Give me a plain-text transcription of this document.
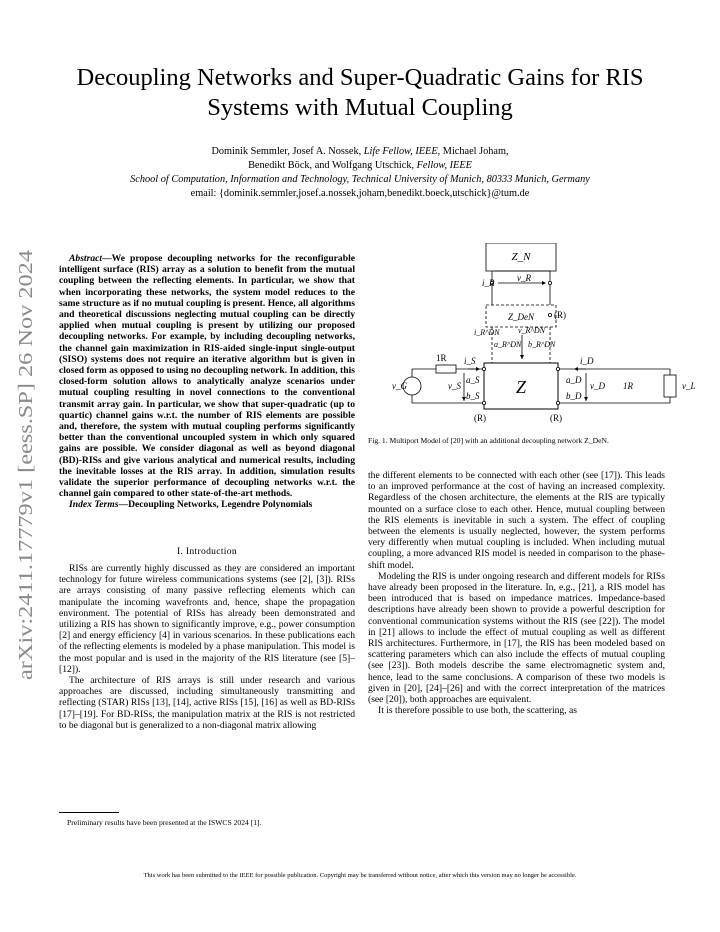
Decoupling Networks and Super-Quadratic Gains for RIS Systems with Mutual Coupling
Dominik Semmler, Josef A. Nossek, Life Fellow, IEEE, Michael Joham,
Benedikt Böck, and Wolfgang Utschick, Fellow, IEEE
School of Computation, Information and Technology, Technical University of Munich, 80333 Munich, Germany
email: {dominik.semmler,josef.a.nossek,joham,benedikt.boeck,utschick}@tum.de
arXiv:2411.17779v1 [eess.SP] 26 Nov 2024
Abstract—We propose decoupling networks for the reconfigurable intelligent surface (RIS) array as a solution to benefit from the mutual coupling between the reflecting elements. In particular, we show that when incorporating these networks, the system model reduces to the same structure as if no mutual coupling is present. Hence, all algorithms and theoretical discussions neglecting mutual coupling can be directly applied when mutual coupling is present by utilizing our proposed decoupling networks. For example, by including decoupling networks, the channel gain maximization in RIS-aided single-input single-output (SISO) systems does not require an iterative algorithm but is given in closed form as opposed to using no decoupling network. In addition, this closed-form solution allows to analytically analyze scenarios under mutual coupling resulting in novel connections to the conventional transmit array gain. In particular, we show that super-quadratic (up to quartic) channel gains w.r.t. the number of RIS elements are possible and, therefore, the system with mutual coupling performs significantly better than the conventional uncoupled system in which only squared gains are possible. We consider diagonal as well as beyond diagonal (BD)-RISs and give various analytical and numerical results, including the inevitable losses at the RIS array. In addition, simulation results validate the superior performance of decoupling networks w.r.t. the channel gain compared to other state-of-the-art methods.
Index Terms—Decoupling Networks, Legendre Polynomials
I. Introduction

RISs are currently highly discussed as they are considered an important technology for future wireless communications systems (see [2], [3]). RISs are arrays consisting of many passive reflecting elements which can manipulate the incoming wavefronts and, hence, shape the propagation environment. The potential of RISs has already been demonstrated and utilizing a RIS has shown to significantly improve, e.g., power consumption [2] and energy efficiency [4] in various scenarios. In these publications each of the reflecting elements is modeled by a phase manipulation. This model is the most popular and is used in the majority of the RIS literature (see [5]–[12]).

The architecture of RIS arrays is still under research and various approaches are discussed, including simultaneously transmitting and reflecting (STAR) RISs [13], [14], active RISs [15], [16] as well as BD-RISs [17]–[19]. For BD-RISs, the manipulation matrix at the RIS is not restricted to be diagonal but is generalized to a non-diagonal matrix allowing

Preliminary results have been presented at the ISWCS 2024 [1].
Z_N
i_R	v_R
Z_DeN (R)
i_R^DN v_R^DN
a_R^DN b_R^DN
Z
1R
v_G
i_S
v_S
a_S
b_S
(R)
v_L
1R
i_D
a_D
b_D
v_D
(R)
Fig. 1. Multiport Model of [20] with an additional decoupling network Z_DeN.

the different elements to be connected with each other (see [17]). This leads to an improved performance at the cost of having an increased complexity. Regardless of the chosen architecture, the elements at the RIS are typically mounted on a surface close to each other. Hence, mutual coupling between the RIS elements is inevitable in such a system. The effect of coupling between the elements is usually neglected, however, the system performs very differently when mutual coupling is included. When including mutual coupling, a more advanced RIS model is needed in comparison to the phase-shift model.

Modeling the RIS is under ongoing research and different models for RISs have already been proposed in the literature. In, e.g., [21], a RIS model has been introduced that is based on impedance matrices. Impedance-based descriptions have already been shown to provide a powerful description for conventional communication systems without the RIS (see [22]). The model in [21] allows to include the effect of mutual coupling as well as different RIS architectures. Furthermore, in [17], the RIS has been modeled based on scattering parameters which can also include the effects of mutual coupling (see [23]). Both models describe the same electromagnetic system and, hence, lead to the same conclusions. A comparison of these two models is given in [20], [24]–[26] and with the correct interpretation of the matrices (see [20]), both approaches are equivalent.

It is therefore possible to use both, the scattering, as

This work has been submitted to the IEEE for possible publication. Copyright may be transferred without notice, after which this version may no longer be accessible.
